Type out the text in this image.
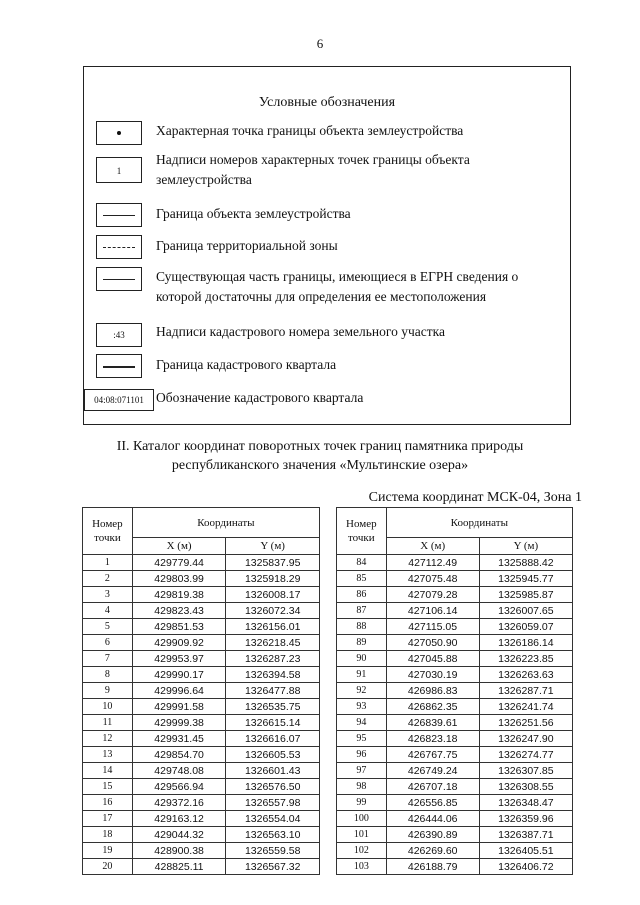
6
Условные обозначения
Характерная точка границы объекта землеустройства
1
Надписи номеров характерных точек границы объекта землеустройства
Граница объекта землеустройства
Граница территориальной зоны
Существующая часть границы, имеющиеся в ЕГРН сведения о которой достаточны для определения ее местоположения
:43	Надписи кадастрового номера земельного участка
Граница кадастрового квартала
04:08:071101 Обозначение кадастрового квартала
II. Каталог координат поворотных точек границ памятника природы
республиканского значения «Мультинские озера»
Система координат МСК-04, Зона 1
Номер точки	Координаты	
	X (м)	Y (м)
1	429779.44	1325837.95
2	429803.99	1325918.29
3	429819.38	1326008.17
4	429823.43	1326072.34
5	429851.53	1326156.01
6	429909.92	1326218.45
7	429953.97	1326287.23
8	429990.17	1326394.58
9	429996.64	1326477.88
10	429991.58	1326535.75
11	429999.38	1326615.14
12	429931.45	1326616.07
13	429854.70	1326605.53
14	429748.08	1326601.43
15	429566.94	1326576.50
16	429372.16	1326557.98
17	429163.12	1326554.04
18	429044.32	1326563.10
19	428900.38	1326559.58
20	428825.11	1326567.32
Номер точки	Координаты	
	X (м)	Y (м)
84	427112.49	1325888.42
85	427075.48	1325945.77
86	427079.28	1325985.87
87	427106.14	1326007.65
88	427115.05	1326059.07
89	427050.90	1326186.14
90	427045.88	1326223.85
91	427030.19	1326263.63
92	426986.83	1326287.71
93	426862.35	1326241.74
94	426839.61	1326251.56
95	426823.18	1326247.90
96	426767.75	1326274.77
97	426749.24	1326307.85
98	426707.18	1326308.55
99	426556.85	1326348.47
100	426444.06	1326359.96
101	426390.89	1326387.71
102	426269.60	1326405.51
103	426188.79	1326406.72
